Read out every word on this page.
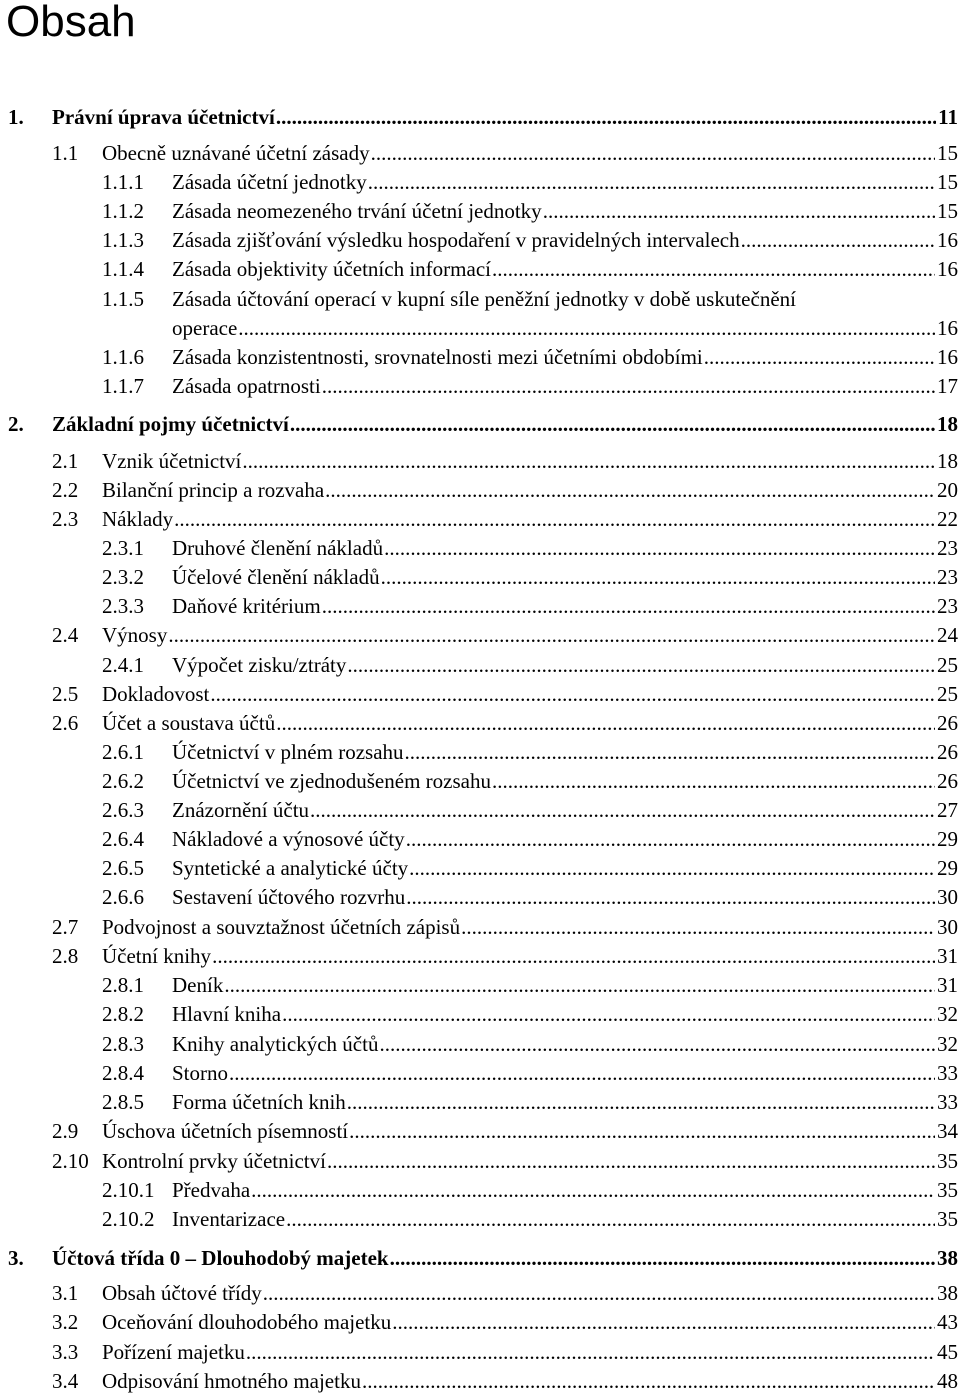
Obsah
1.	Právní úprava účetnictví .....	11
1.1	Obecně uznávané účetní zásady .....	15
1.1.1	Zásada účetní jednotky .....	15
1.1.2	Zásada neomezeného trvání účetní jednotky .....	15
1.1.3	Zásada zjišťování výsledku hospodaření v pravidelných intervalech .....	16
1.1.4	Zásada objektivity účetních informací .....	16
1.1.5	Zásada účtování operací v kupní síle peněžní jednotky v době uskutečnění
operace .....	16
1.1.6	Zásada konzistentnosti, srovnatelnosti mezi účetními obdobími .....	16
1.1.7	Zásada opatrnosti .....	17
2.	Základní pojmy účetnictví .....	18
2.1	Vznik účetnictví .....	18
2.2	Bilanční princip a rozvaha .....	20
2.3	Náklady .....	22
2.3.1	Druhové členění nákladů .....	23
2.3.2	Účelové členění nákladů .....	23
2.3.3	Daňové kritérium .....	23
2.4	Výnosy .....	24
2.4.1	Výpočet zisku/ztráty .....	25
2.5	Dokladovost .....	25
2.6	Účet a soustava účtů .....	26
2.6.1	Účetnictví v plném rozsahu .....	26
2.6.2	Účetnictví ve zjednodušeném rozsahu .....	26
2.6.3	Znázornění účtu .....	27
2.6.4	Nákladové a výnosové účty .....	29
2.6.5	Syntetické a analytické účty .....	29
2.6.6	Sestavení účtového rozvrhu .....	30
2.7	Podvojnost a souvztažnost účetních zápisů .....	30
2.8	Účetní knihy .....	31
2.8.1	Deník .....	31
2.8.2	Hlavní kniha .....	32
2.8.3	Knihy analytických účtů .....	32
2.8.4	Storno .....	33
2.8.5	Forma účetních knih .....	33
2.9	Úschova účetních písemností .....	34
2.10 Kontrolní prvky účetnictví .....	35
2.10.1 Předvaha .....	35
2.10.2 Inventarizace .....	35
3.	Účtová třída 0 – Dlouhodobý majetek .....	38
3.1	Obsah účtové třídy .....	38
3.2	Oceňování dlouhodobého majetku .....	43
3.3	Pořízení majetku .....	45
3.4	Odpisování hmotného majetku .....	48
